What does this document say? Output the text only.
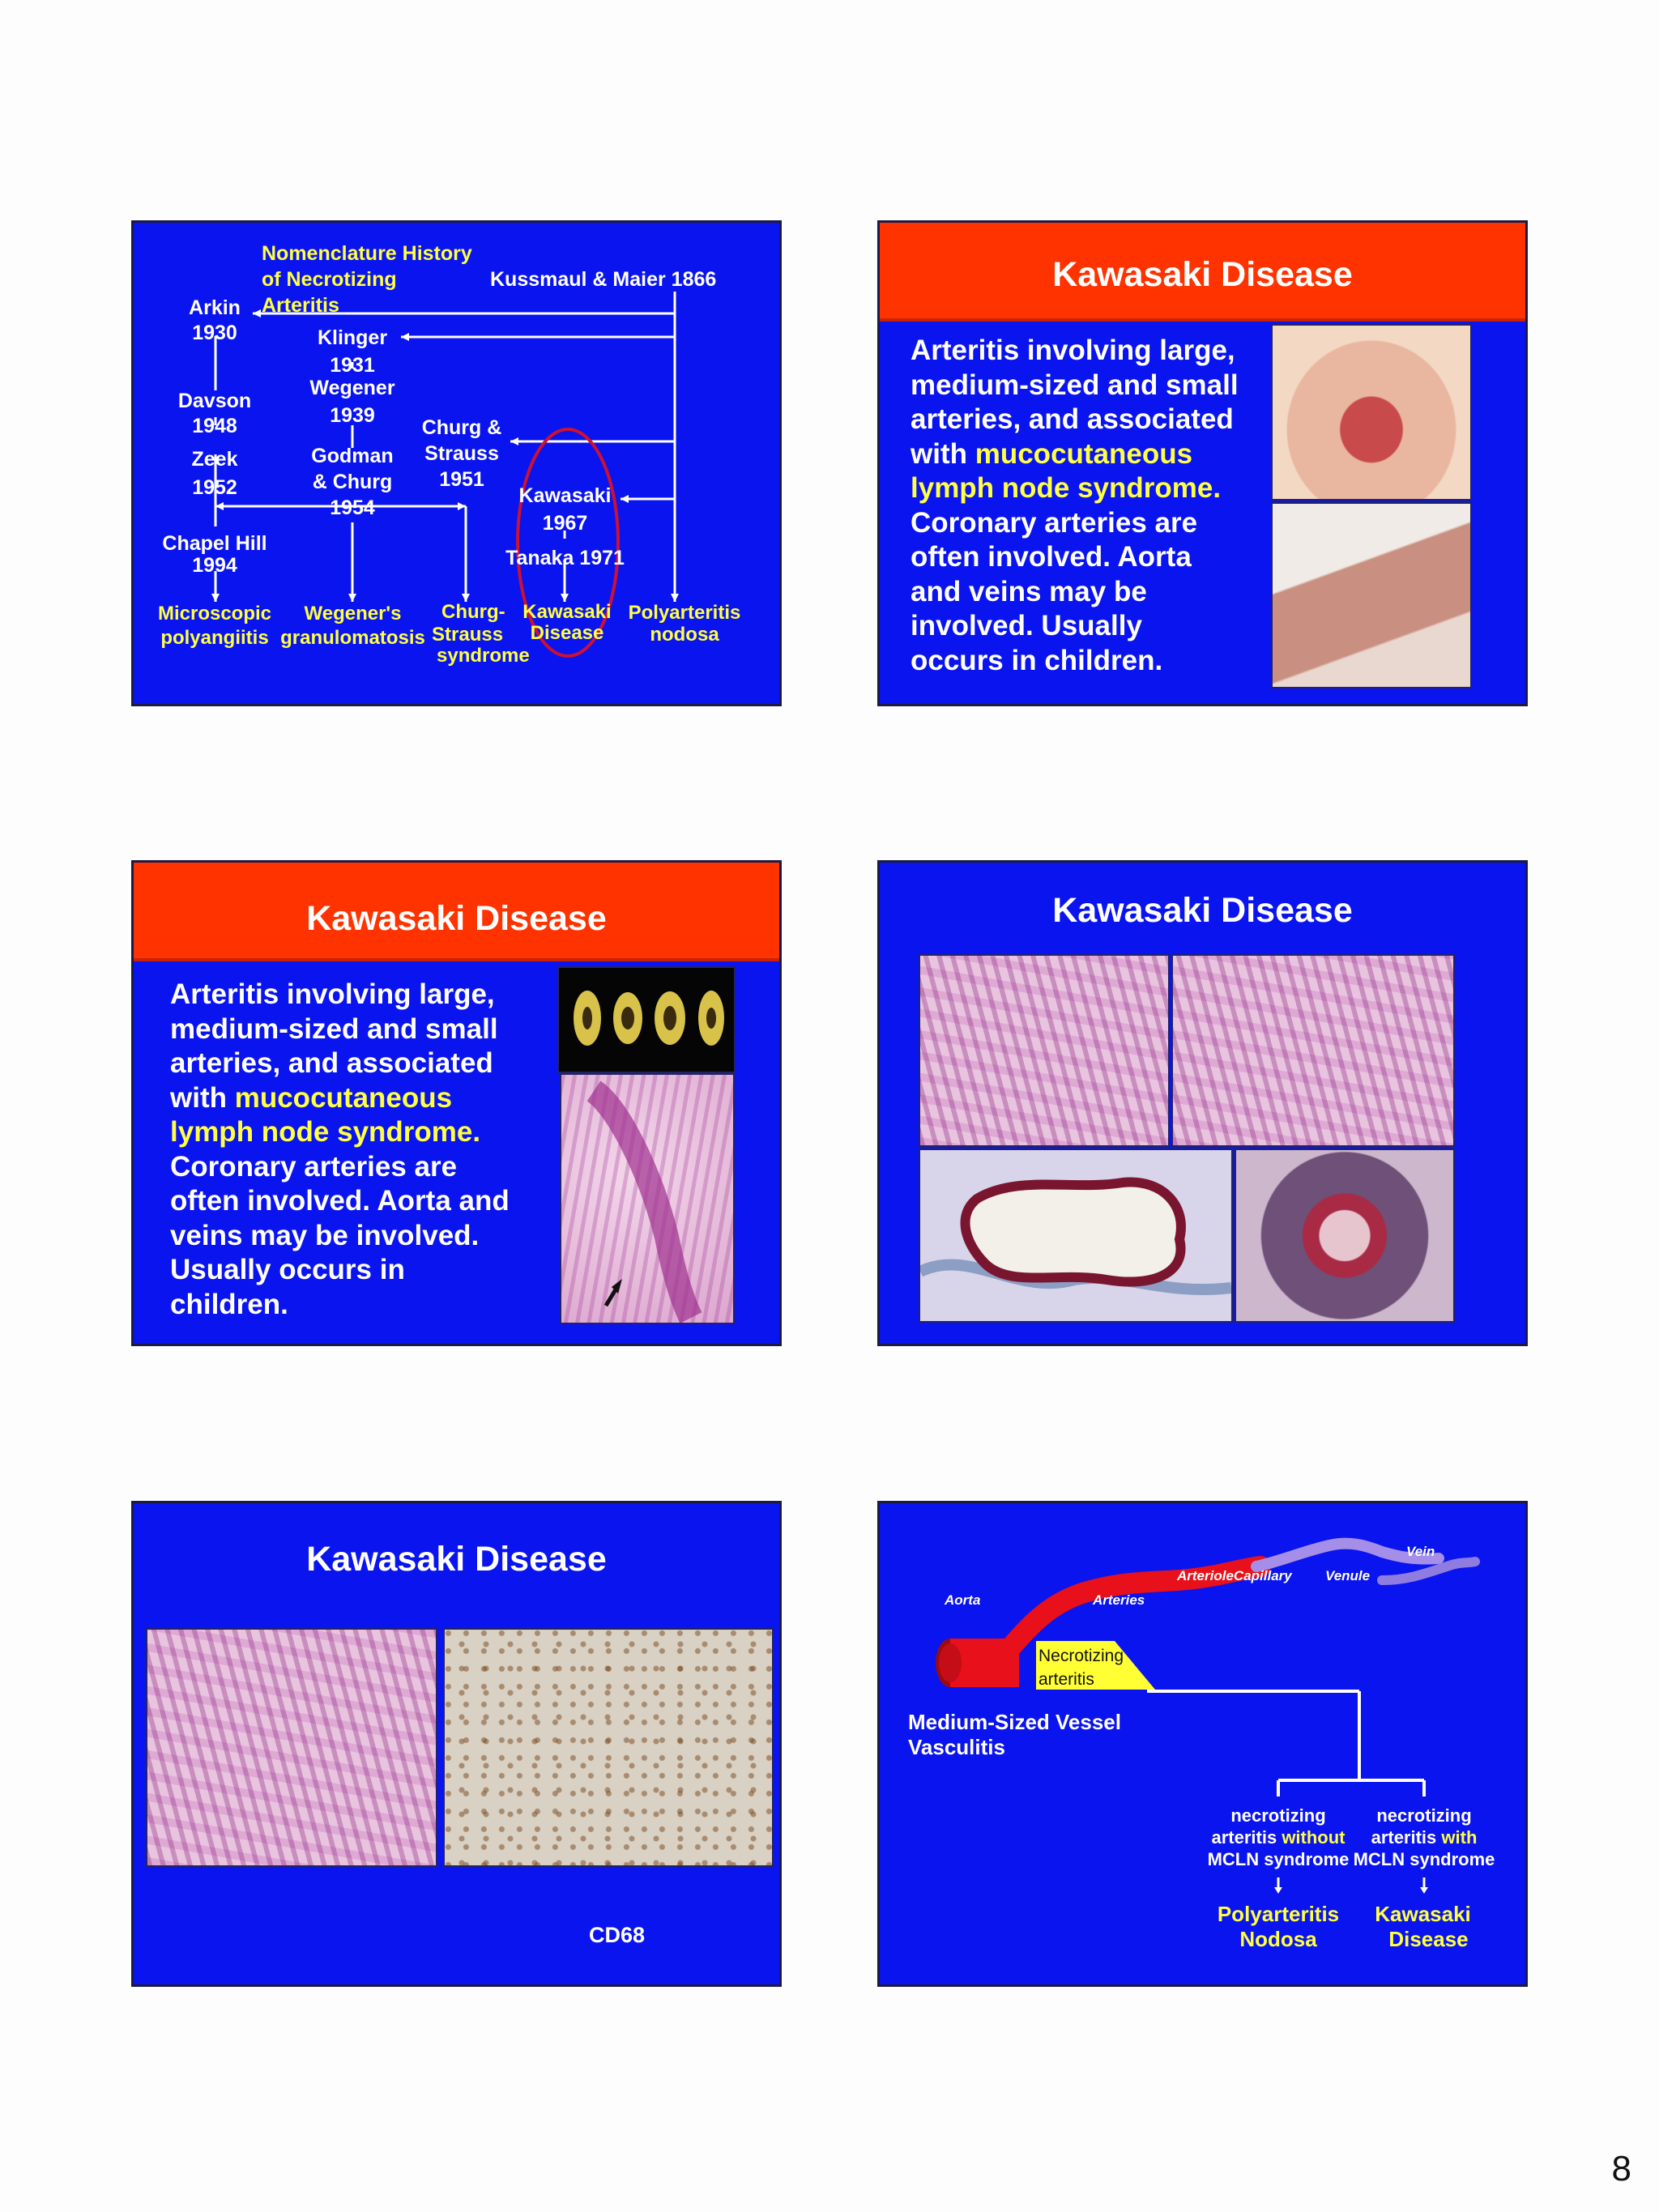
Nomenclature History
of Necrotizing
Arteritis
Kussmaul & Maier 1866
Arkin
1930	Klinger
1931
Wegener
1939
Davson
1948
Zeek
1952
Godman
& Churg
1954
Churg &
Strauss
1951
Kawasaki
1967
Tanaka 1971
Chapel Hill
1994
Microscopic
polyangiitis
Wegener's
granulomatosis
Churg-
Strauss
syndrome
Kawasaki
Disease
Polyarteritis
nodosa
Kawasaki Disease
Arteritis involving large,
medium-sized and small
arteries, and associated
with mucocutaneous
lymph node syndrome.
Coronary arteries are
often involved. Aorta
and veins may be
involved. Usually
occurs in children.
Kawasaki Disease
Arteritis involving large,
medium-sized and small
arteries, and associated
with mucocutaneous
lymph node syndrome.
Coronary arteries are
often involved. Aorta and
veins may be involved.
Usually occurs in
children.
Kawasaki Disease
Kawasaki Disease
CD68
Aorta	Arteries
ArterioleCapillary Venule
Vein
Necrotizing
arteritis
Medium-Sized Vessel
Vasculitis
necrotizing
arteritis without
MCLN syndrome
necrotizing
arteritis with
MCLN syndrome
Polyarteritis
Nodosa
Kawasaki
Disease
8
